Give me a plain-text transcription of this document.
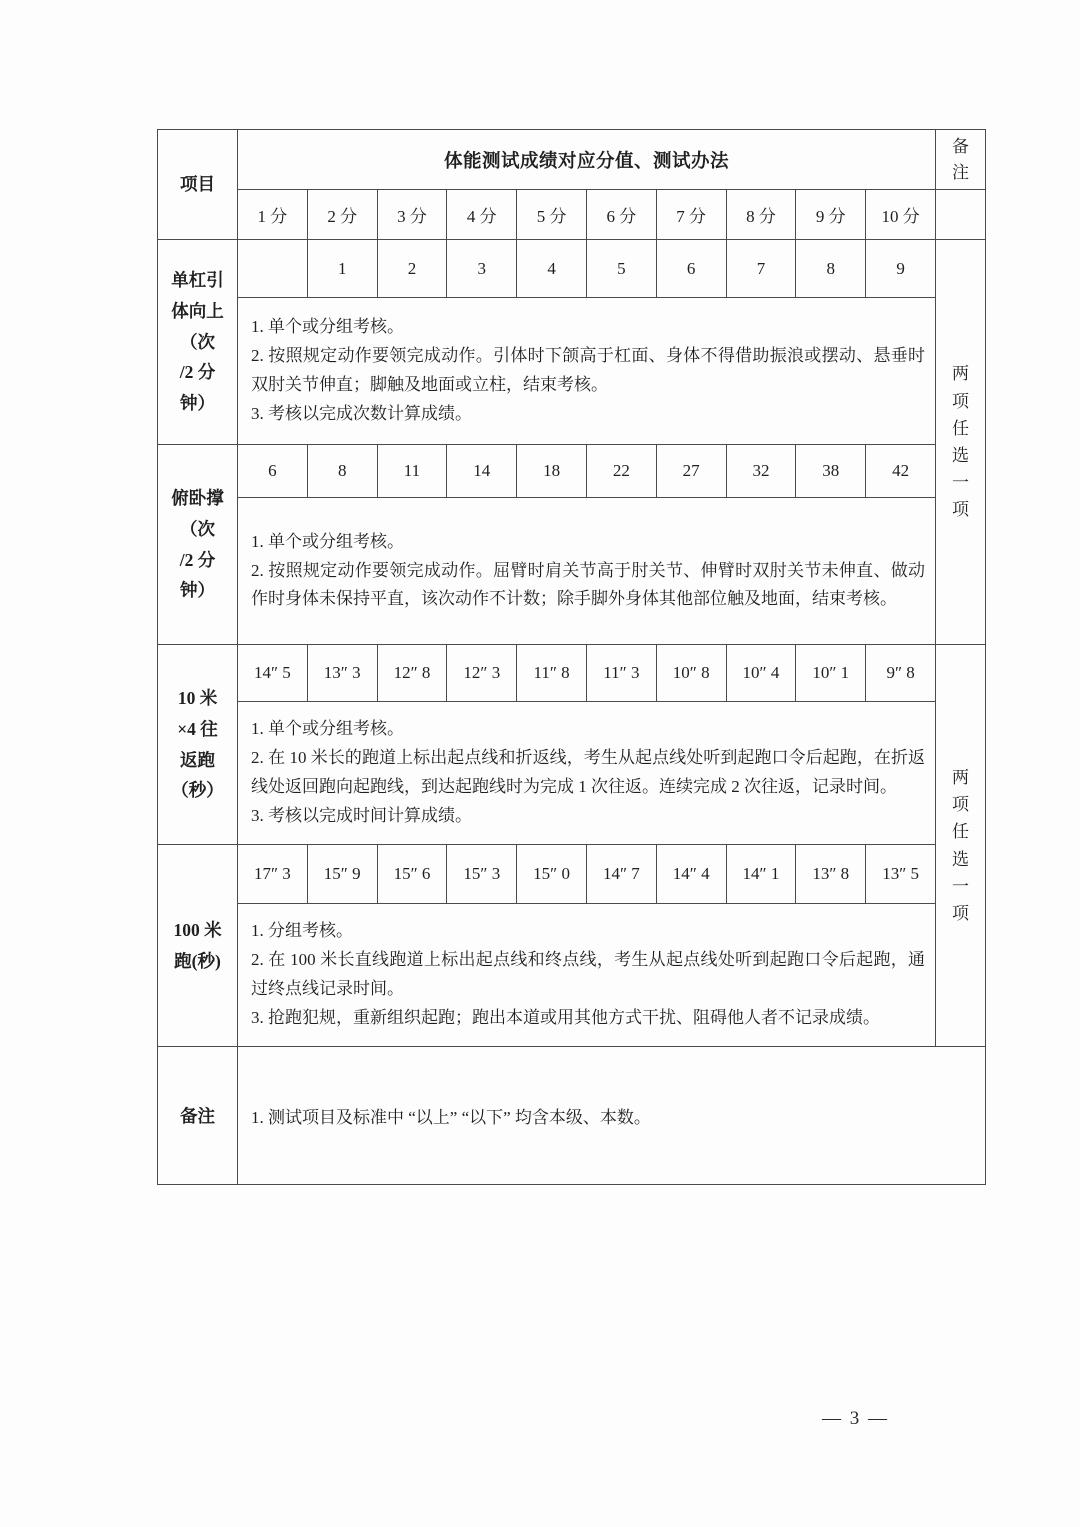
项目	体能测试成绩对应分值、测试办法										备注

	1 分	2 分	3 分	4 分	5 分	6 分	7 分	8 分	9 分	10 分	

单杠引
体向上
（次
/2 分
钟）		1	2	3	4	5	6	7	8	9	两项任选一项

	1. 单个或分组考核。
2. 按照规定动作要领完成动作。引体时下颌高于杠面、身体不得借助振浪或摆动、悬垂时双肘关节伸直；脚触及地面或立柱，结束考核。
3. 考核以完成次数计算成绩。										

俯卧撑
（次
/2 分
钟）	6	8	11	14	18	22	27	32	38	42	

	1. 单个或分组考核。
2. 按照规定动作要领完成动作。屈臂时肩关节高于肘关节、伸臂时双肘关节未伸直、做动作时身体未保持平直，该次动作不计数；除手脚外身体其他部位触及地面，结束考核。										

10 米
×4 往
返跑
（秒）	14″ 5	13″ 3	12″ 8	12″ 3	11″ 8	11″ 3	10″ 8	10″ 4	10″ 1	9″ 8	两项任选一项

	1. 单个或分组考核。
2. 在 10 米长的跑道上标出起点线和折返线，考生从起点线处听到起跑口令后起跑，在折返线处返回跑向起跑线，到达起跑线时为完成 1 次往返。连续完成 2 次往返，记录时间。
3. 考核以完成时间计算成绩。										

100 米
跑(秒)	17″ 3	15″ 9	15″ 6	15″ 3	15″ 0	14″ 7	14″ 4	14″ 1	13″ 8	13″ 5	

	1. 分组考核。
2. 在 100 米长直线跑道上标出起点线和终点线，考生从起点线处听到起跑口令后起跑，通过终点线记录时间。
3. 抢跑犯规，重新组织起跑；跑出本道或用其他方式干扰、阻碍他人者不记录成绩。										

备注	1. 测试项目及标准中 “以上” “以下” 均含本级、本数。										
— 3 —
